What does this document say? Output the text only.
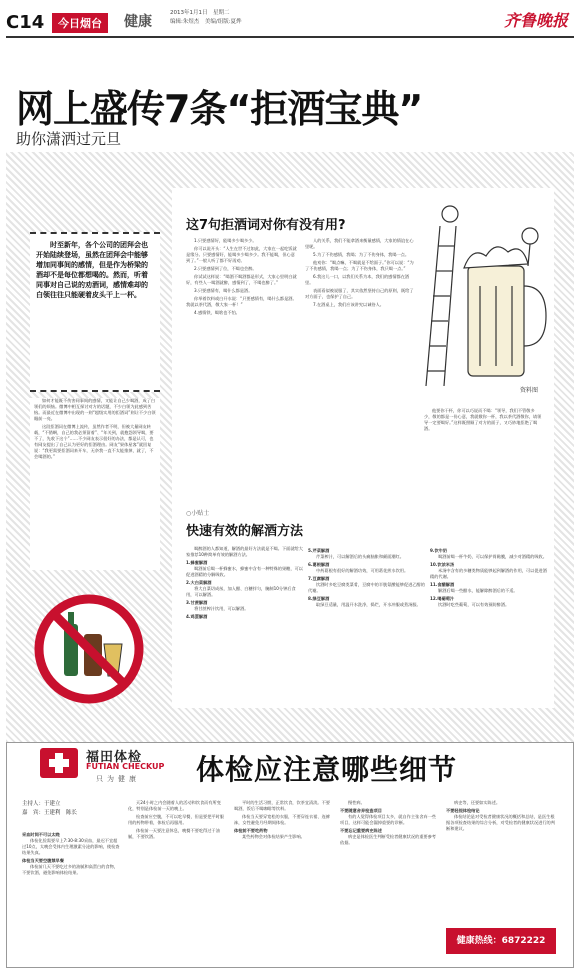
C14	今日烟台	健康
2013年1月1日　星期二
编辑:朱煜杰　美编/组版:夏烨	齐鲁晚报
网上盛传7条“拒酒宝典”
助你潇洒过元旦
这7句拒酒词对你有没有用?

1.只要感情好，能喝多少喝多少。

你可以说开头：“人生在世不过如此，大家在一起吃饭就是缘分。只要感情好，能喝多少喝多少。我不能喝，但心意到了。”一般人听了都不好再劝。

2.只要感情到了位，不喝也会醉。

你试试这样说：“喝酒不喝酒都是形式，大家心里明白就好，有些人一喝酒就醉，感情到了，不喝也醉了。”

3.只要感情有，喝什么都是酒。

你举着饮料或白开水说：“只要感情有，喝什么都是酒。我就以茶代酒，敬大家一杯！”

4.感情铁，喝啥也不怕。

人的关系，我们不能拿酒来衡量感情，大家的情谊在心里呢。

5.为了不伤感情，我喝；为了不伤身体，我喝一点。

他劝你：“喝点嘛，不喝就是不给面子。”你可以说：“为了不伤感情，我喝一点；为了不伤身体，我只喝一点。”

6.我这儿一口，以我们关系为本，我们的感情都在酒里。

表面看似被说服了，其实依然坚持自己的原则，既给了对方面子，也保护了自己。

7.在酒桌上，我们应该讲究以诚待人。

他要你干杯，你可以巧说而不喝：“领导，我们不管敬多少，敬的都是一份心意，我就敬你一杯，我以茶代酒敬你，请领导一定要喝好。”这样既照顾了对方的面子，又巧妙地拒绝了喝酒。

资料图
○小贴士
快速有效的解酒方法

喝醉酒的人都知道，解酒的最好方法就是不喝。下面就给大家推荐10种简单有效的解酒方法。

1.蜂蜜解酒

喝酒前后喝一杯蜂蜜水，蜂蜜中含有一种特殊的果糖，可以促进酒精的分解吸收。

2.大白菜解酒

将大白菜切成丝，加入醋、白糖拌匀，腌制10分钟后食用，可以解酒。

3.甘蔗解酒

将甘蔗榨汁饮用，可以解酒。

4.鸡蛋解酒
5.芹菜解酒

芹菜榨汁，可以解酒后的头痛脑胀和颜面潮红。

6.葛根解酒

中药葛根有很好的解酒功效，可用葛花煎水饮用。

7.豆腐解酒

饮酒时多吃豆腐类菜肴，豆腐中的半胱氨酸能够促进乙醇的代谢。

8.绿豆解酒

取绿豆适量，用温开水洗净，捣烂，开水冲服或煮汤服。

9.饮牛奶

喝酒前喝一杯牛奶，可以保护胃黏膜，减少对酒精的吸收。

10.饮浓米汤

米汤中含有的多糖类物质能够起到解酒的作用，可以促进酒精的代谢。

11.食醋解酒

解酒后喝一些醋水，能解除醉酒后的不适。

12.喝葡萄汁

饮酒时吃些葡萄，可以有效预防醉酒。

时至新年，各个公司的团拜会也开始陆续登场，虽然在团拜会中能够增加同事间的感情，但是作为桥梁的酒却不是每位都想喝的。然而，听着同事对自己说的劝酒词，感情难却的白领往往只能硬着皮头干上一杯。

如何才能既不伤害同事间的感情，又能让自己少喝酒，成了白领们的烦恼。微博中相互探讨对方的话题，不少白领为此感到苦恼。而最近在微博中出现的一则“超级实用的拒酒词”则让不少白领眼前一亮。

这段拒酒词在微博上流传，虽然作者不明，但被大量网友转载，“不错啊，自己的我必须留着”、“年关到，就抱怨领导喝，要不了，先收下这个”……不少网友表示很好的办法，都是认可，也有网友提出了自己认为更好的拒酒理由。网友“果体星客”就回复说：“我更需要拒酒词来开车，无奈我一直不太能推掉，就了，不会喝酒的。”

福田体检
FUTIAN CHECKUP
只为健康 体检应注意哪些细节
主持人：于建立
嘉　宾：王建利　陈长
采血时间不可以太晚

体检化验需要早上7:30-8:30采血，最迟不宜超过10点，太晚会受体内生理激素分泌的影响，使检查结果失真。

体检当天要空腹禁早餐

体检前几天不要吃过多的油腻和高蛋白的食物，不要饮酒，避免影响体检结果。

天24小时之内会随着人的活动和饮食而有所变化，特别是体检前一天的晚上。

检查前应空腹，不可以吃早餐，但是要把平时服用的药物带着，体检后再服用。

体检前一天要注意休息，晚餐不要吃得过于油腻，不要饮酒。

平时的生活习惯，正常饮食，饮茶宜清淡。不要喝酒，饭后不喝咖啡等饮料。

体检当天要穿宽松的衣服，不要穿连衣裙、连裤袜，女性避免月经期间体检。

体检前不要吃药物

某些药物会对体检结果产生影响。

慢性病。

不要随意舍弃检查项目

有的人觉得体检项目太多，就自作主张舍弃一些项目，这样可能会漏掉重要的诊断。

不要忘记重要病史陈述

病史是体检医生判断受检者健康状况的重要参考依据。

病史等，还要如实陈述。

不要轻视体检结论

体检结论是对受检者健康状况的概括和总结，是医生根据各项检查结果的综合分析，对受检者的健康状况进行的判断和建议。

健康热线：6872222
